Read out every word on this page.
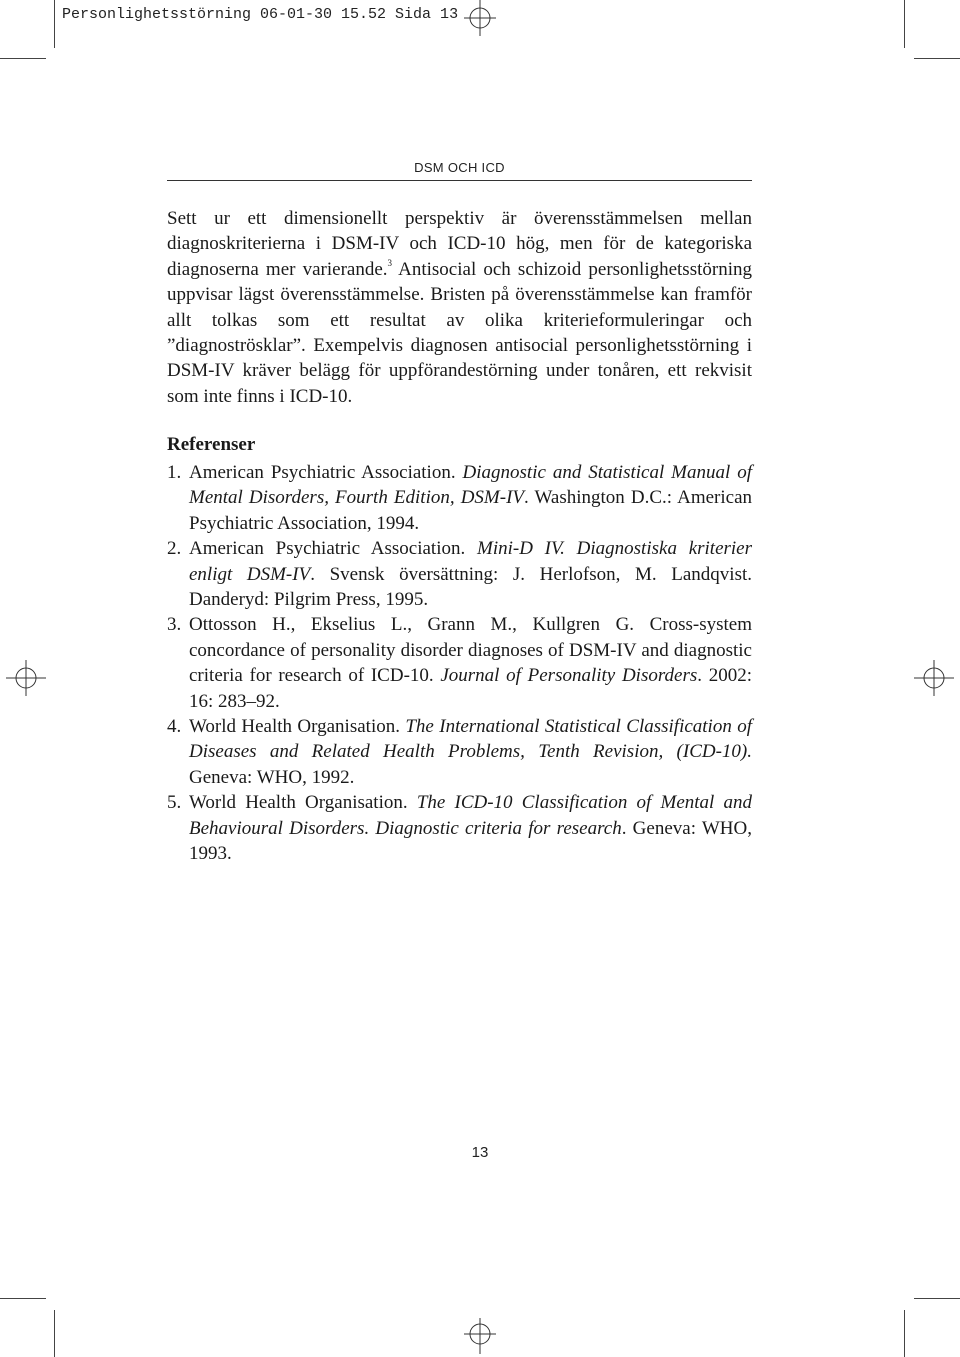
Personlighetsstörning 06-01-30 15.52 Sida 13
DSM OCH ICD

Sett ur ett dimensionellt perspektiv är överensstämmelsen mellan diagnoskriterierna i DSM-IV och ICD-10 hög, men för de kategoriska diagnoserna mer varierande.$^3$ Antisocial och schizoid personlighetsstörning uppvisar lägst överensstämmelse. Bristen på överensstämmelse kan framför allt tolkas som ett resultat av olika kriterieformuleringar och ”diagnoströsklar”. Exempelvis diagnosen antisocial personlighetsstörning i DSM-IV kräver belägg för uppförandestörning under tonåren, ett rekvisit som inte finns i ICD-10.

Referenser
1. American Psychiatric Association. Diagnostic and Statistical Manual of Mental Disorders, Fourth Edition, DSM-IV. Washington D.C.: American Psychiatric Association, 1994.
2. American Psychiatric Association. Mini-D IV. Diagnostiska kriterier enligt DSM-IV. Svensk översättning: J. Herlofson, M. Landqvist. Danderyd: Pilgrim Press, 1995.
3. Ottosson H., Ekselius L., Grann M., Kullgren G. Cross-system concordance of personality disorder diagnoses of DSM-IV and diagnostic criteria for research of ICD-10. Journal of Personality Disorders. 2002: 16: 283–92.
4. World Health Organisation. The International Statistical Classification of Diseases and Related Health Problems, Tenth Revision, (ICD-10). Geneva: WHO, 1992.
5. World Health Organisation. The ICD-10 Classification of Mental and Behavioural Disorders. Diagnostic criteria for research. Geneva: WHO, 1993.
13
